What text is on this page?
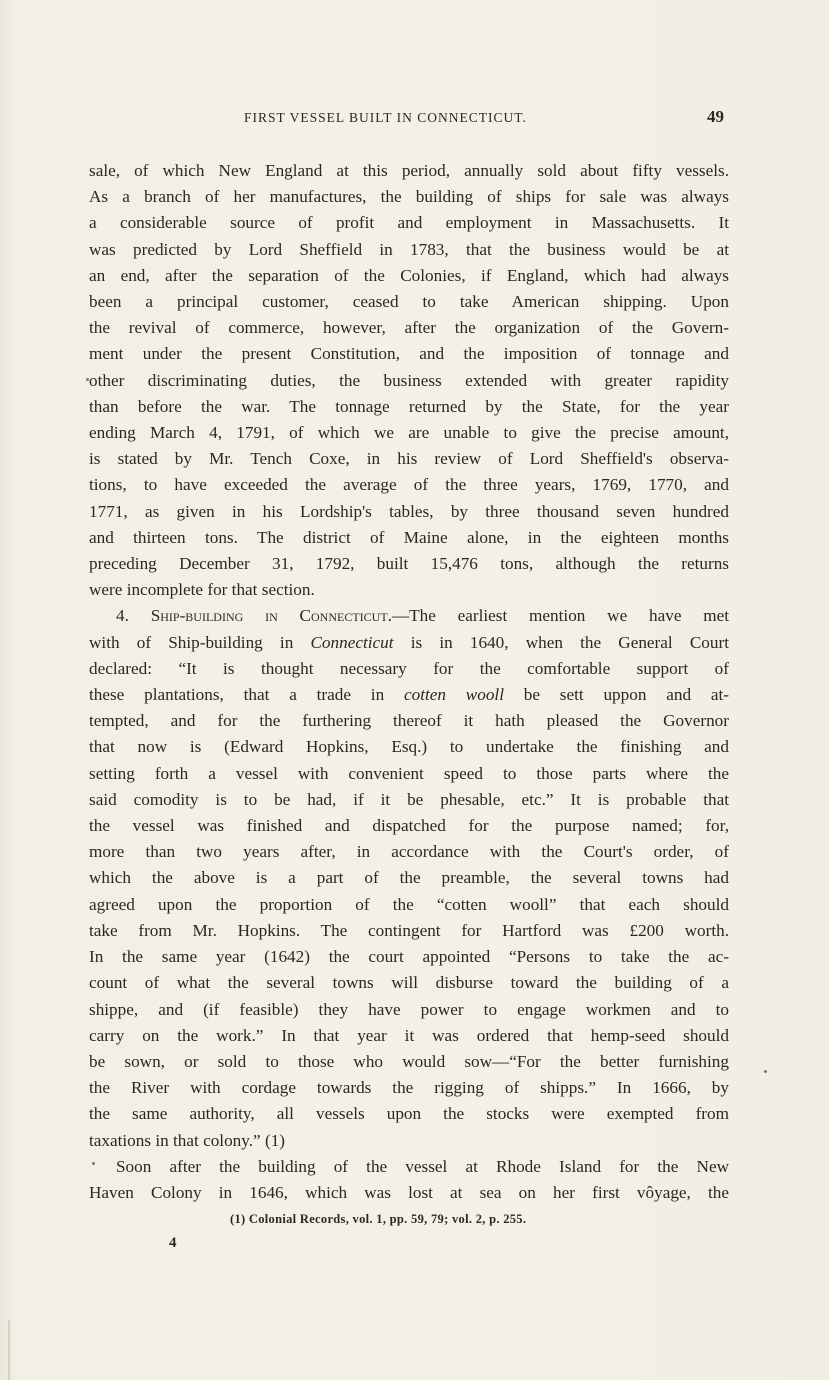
FIRST VESSEL BUILT IN CONNECTICUT.	49

sale, of which New England at this period, annually sold about fifty vessels.

As a branch of her manufactures, the building of ships for sale was always

a considerable source of profit and employment in Massachusetts. It

was predicted by Lord Sheffield in 1783, that the business would be at

an end, after the separation of the Colonies, if England, which had always

been a principal customer, ceased to take American shipping. Upon

the revival of commerce, however, after the organization of the Govern-

ment under the present Constitution, and the imposition of tonnage and

other discriminating duties, the business extended with greater rapidity

than before the war. The tonnage returned by the State, for the year

ending March 4, 1791, of which we are unable to give the precise amount,

is stated by Mr. Tench Coxe, in his review of Lord Sheffield's observa-

tions, to have exceeded the average of the three years, 1769, 1770, and

1771, as given in his Lordship's tables, by three thousand seven hundred

and thirteen tons. The district of Maine alone, in the eighteen months

preceding December 31, 1792, built 15,476 tons, although the returns

were incomplete for that section.

4. Ship-building in Connecticut.—The earliest mention we have met

with of Ship-building in Connecticut is in 1640, when the General Court

declared: “It is thought necessary for the comfortable support of

these plantations, that a trade in cotten wooll be sett uppon and at-

tempted, and for the furthering thereof it hath pleased the Governor

that now is (Edward Hopkins, Esq.) to undertake the finishing and

setting forth a vessel with convenient speed to those parts where the

said comodity is to be had, if it be phesable, etc.” It is probable that

the vessel was finished and dispatched for the purpose named; for,

more than two years after, in accordance with the Court's order, of

which the above is a part of the preamble, the several towns had

agreed upon the proportion of the “cotten wooll” that each should

take from Mr. Hopkins. The contingent for Hartford was £200 worth.

In the same year (1642) the court appointed “Persons to take the ac-

count of what the several towns will disburse toward the building of a

shippe, and (if feasible) they have power to engage workmen and to

carry on the work.” In that year it was ordered that hemp-seed should

be sown, or sold to those who would sow—“For the better furnishing

the River with cordage towards the rigging of shipps.” In 1666, by

the same authority, all vessels upon the stocks were exempted from

taxations in that colony.” (1)

Soon after the building of the vessel at Rhode Island for the New

Haven Colony in 1646, which was lost at sea on her first vôyage, the

(1) Colonial Records, vol. 1, pp. 59, 79; vol. 2, p. 255.
4
